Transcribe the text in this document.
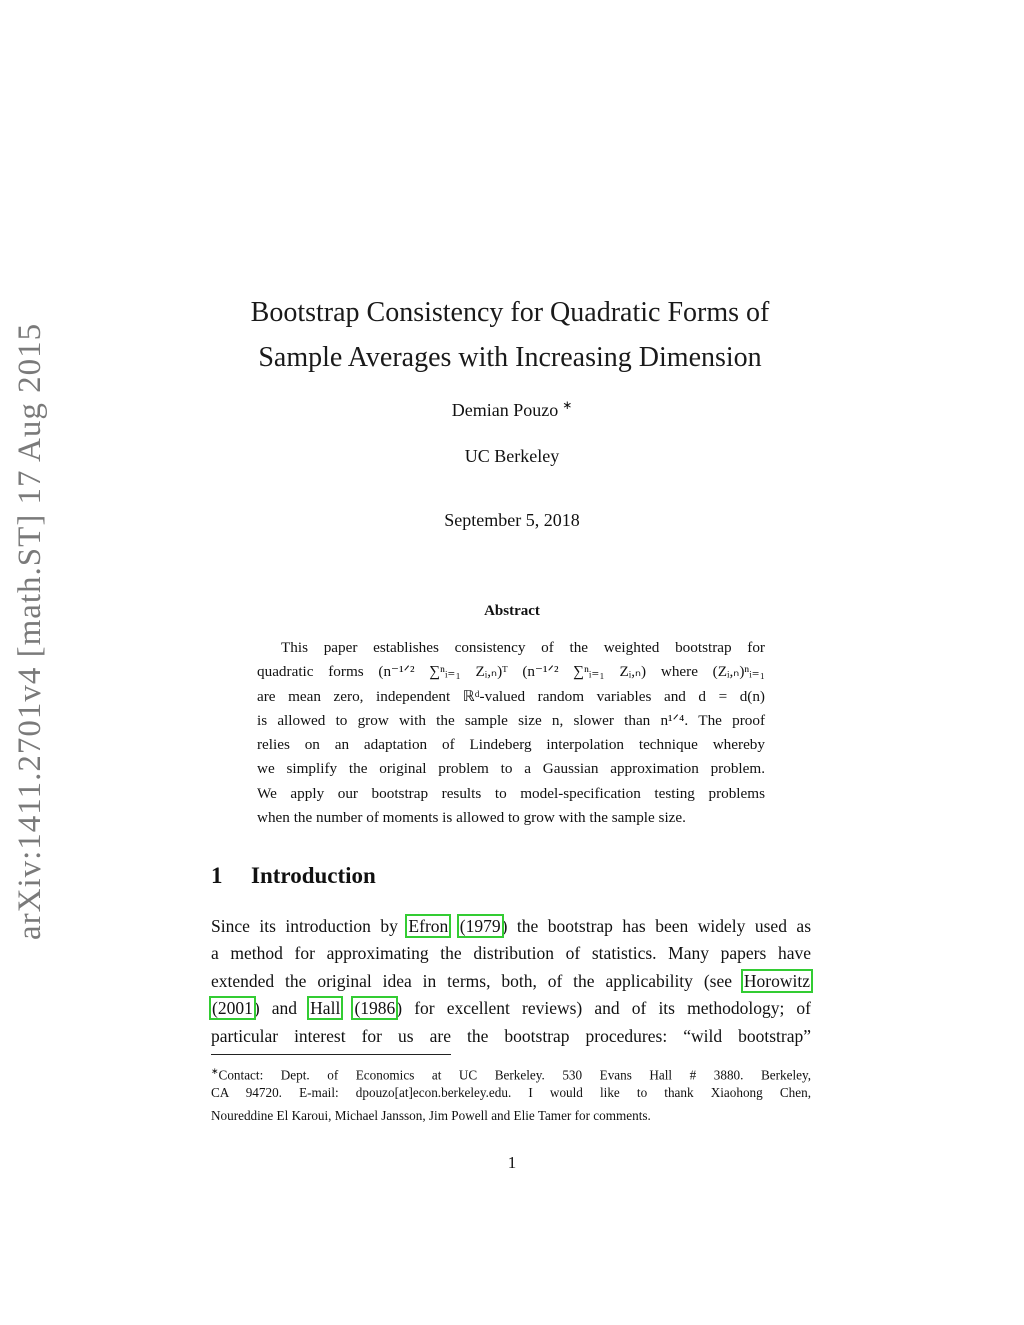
arXiv:1411.2701v4 [math.ST] 17 Aug 2015
Bootstrap Consistency for Quadratic Forms of
Sample Averages with Increasing Dimension
Demian Pouzo ∗
UC Berkeley
September 5, 2018
Abstract
This paper establishes consistency of the weighted bootstrap for
quadratic forms (n⁻¹ᐟ² ∑ⁿᵢ₌₁ Zᵢ,ₙ)ᵀ (n⁻¹ᐟ² ∑ⁿᵢ₌₁ Zᵢ,ₙ) where (Zᵢ,ₙ)ⁿᵢ₌₁
are mean zero, independent ℝᵈ-valued random variables and d = d(n)
is allowed to grow with the sample size n, slower than n¹ᐟ⁴. The proof
relies on an adaptation of Lindeberg interpolation technique whereby
we simplify the original problem to a Gaussian approximation problem.
We apply our bootstrap results to model-specification testing problems
when the number of moments is allowed to grow with the sample size.
1 Introduction
Since its introduction by Efron (1979) the bootstrap has been widely used as
a method for approximating the distribution of statistics. Many papers have
extended the original idea in terms, both, of the applicability (see Horowitz
(2001) and Hall (1986) for excellent reviews) and of its methodology; of
particular interest for us are the bootstrap procedures: “wild bootstrap”
∗Contact: Dept. of Economics at UC Berkeley. 530 Evans Hall # 3880. Berkeley,
CA 94720. E-mail: dpouzo[at]econ.berkeley.edu. I would like to thank Xiaohong Chen,
Noureddine El Karoui, Michael Jansson, Jim Powell and Elie Tamer for comments.
1
